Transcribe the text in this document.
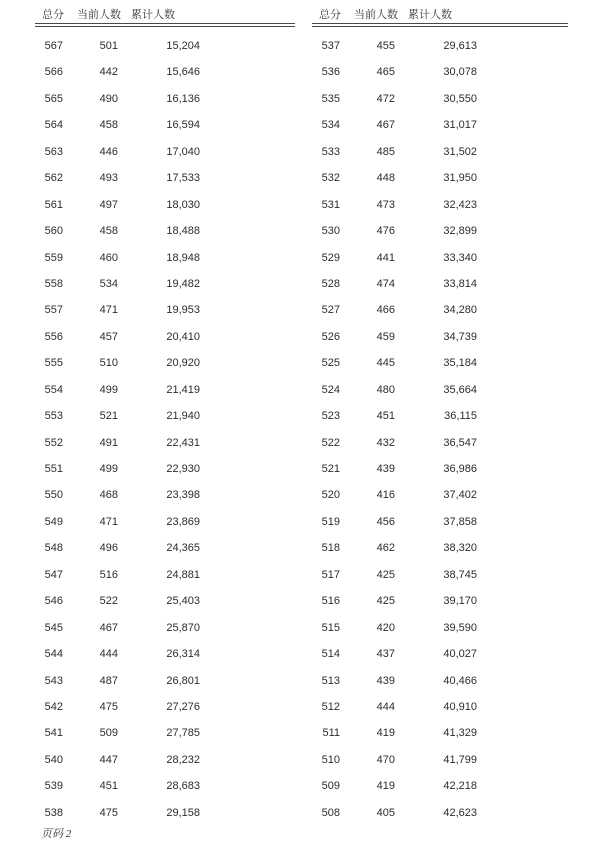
总分 当前人数 累计人数
567	501	15,204
566	442	15,646
565	490	16,136
564	458	16,594
563	446	17,040
562	493	17,533
561	497	18,030
560	458	18,488
559	460	18,948
558	534	19,482
557	471	19,953
556	457	20,410
555	510	20,920
554	499	21,419
553	521	21,940
552	491	22,431
551	499	22,930
550	468	23,398
549	471	23,869
548	496	24,365
547	516	24,881
546	522	25,403
545	467	25,870
544	444	26,314
543	487	26,801
542	475	27,276
541	509	27,785
540	447	28,232
539	451	28,683
538	475	29,158
总分 当前人数 累计人数
537	455	29,613
536	465	30,078
535	472	30,550
534	467	31,017
533	485	31,502
532	448	31,950
531	473	32,423
530	476	32,899
529	441	33,340
528	474	33,814
527	466	34,280
526	459	34,739
525	445	35,184
524	480	35,664
523	451	36,115
522	432	36,547
521	439	36,986
520	416	37,402
519	456	37,858
518	462	38,320
517	425	38,745
516	425	39,170
515	420	39,590
514	437	40,027
513	439	40,466
512	444	40,910
511	419	41,329
510	470	41,799
509	419	42,218
508	405	42,623
页码 2
